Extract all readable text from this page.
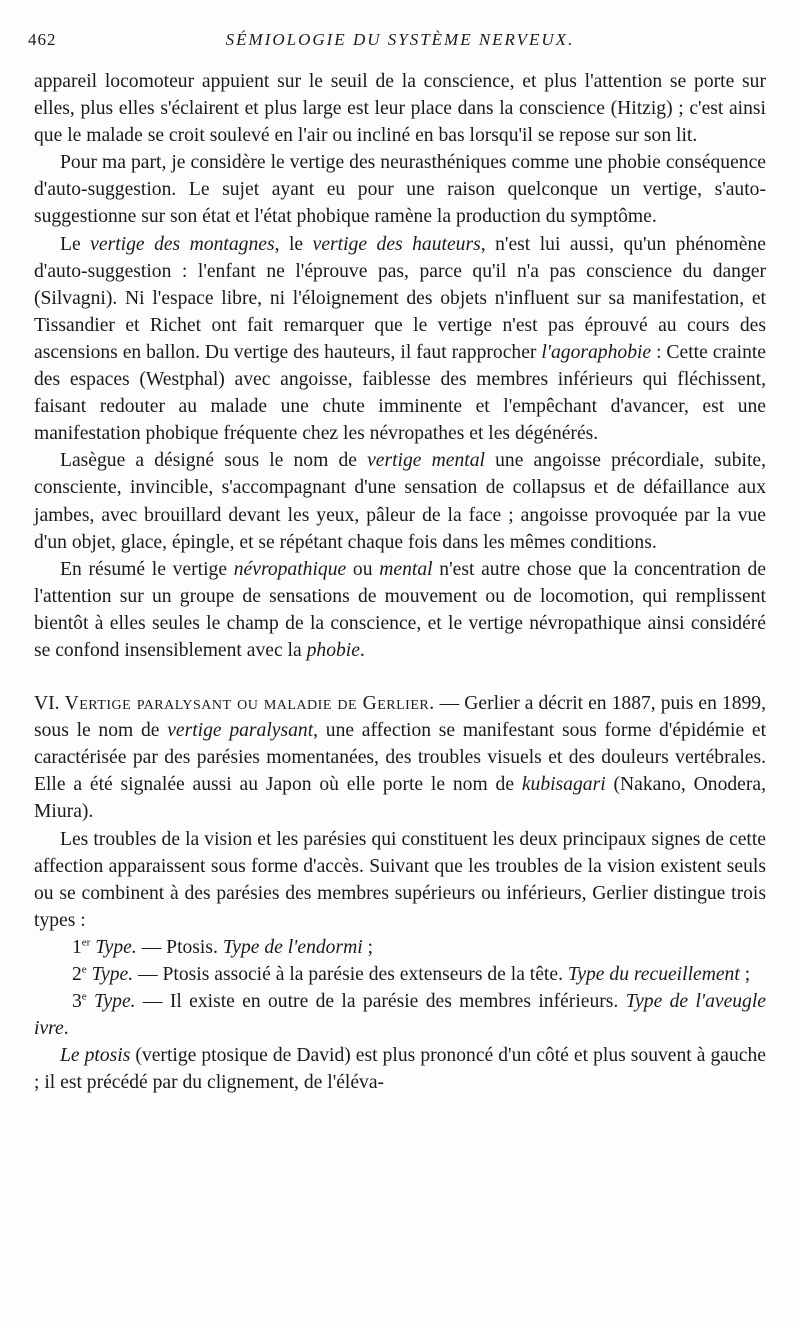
462	SÉMIOLOGIE DU SYSTÈME NERVEUX.

appareil locomoteur appuient sur le seuil de la conscience, et plus l'attention se porte sur elles, plus elles s'éclairent et plus large est leur place dans la conscience (Hitzig) ; c'est ainsi que le malade se croit soulevé en l'air ou incliné en bas lorsqu'il se repose sur son lit.

Pour ma part, je considère le vertige des neurasthéniques comme une phobie conséquence d'auto-suggestion. Le sujet ayant eu pour une raison quelconque un vertige, s'auto-suggestionne sur son état et l'état phobique ramène la production du symptôme.

Le vertige des montagnes, le vertige des hauteurs, n'est lui aussi, qu'un phénomène d'auto-suggestion : l'enfant ne l'éprouve pas, parce qu'il n'a pas conscience du danger (Silvagni). Ni l'espace libre, ni l'éloignement des objets n'influent sur sa manifestation, et Tissandier et Richet ont fait remarquer que le vertige n'est pas éprouvé au cours des ascensions en ballon. Du vertige des hauteurs, il faut rapprocher l'agoraphobie : Cette crainte des espaces (Westphal) avec angoisse, faiblesse des membres inférieurs qui fléchissent, faisant redouter au malade une chute imminente et l'empêchant d'avancer, est une manifestation phobique fréquente chez les névropathes et les dégénérés.

Lasègue a désigné sous le nom de vertige mental une angoisse précordiale, subite, consciente, invincible, s'accompagnant d'une sensation de collapsus et de défaillance aux jambes, avec brouillard devant les yeux, pâleur de la face ; angoisse provoquée par la vue d'un objet, glace, épingle, et se répétant chaque fois dans les mêmes conditions.

En résumé le vertige névropathique ou mental n'est autre chose que la concentration de l'attention sur un groupe de sensations de mouvement ou de locomotion, qui remplissent bientôt à elles seules le champ de la conscience, et le vertige névropathique ainsi considéré se confond insensiblement avec la phobie.

VI. Vertige paralysant ou maladie de Gerlier. — Gerlier a décrit en 1887, puis en 1899, sous le nom de vertige paralysant, une affection se manifestant sous forme d'épidémie et caractérisée par des parésies momentanées, des troubles visuels et des douleurs vertébrales. Elle a été signalée aussi au Japon où elle porte le nom de kubisagari (Nakano, Onodera, Miura).

Les troubles de la vision et les parésies qui constituent les deux principaux signes de cette affection apparaissent sous forme d'accès. Suivant que les troubles de la vision existent seuls ou se combinent à des parésies des membres supérieurs ou inférieurs, Gerlier distingue trois types :

1er Type. — Ptosis. Type de l'endormi ;

2e Type. — Ptosis associé à la parésie des extenseurs de la tête. Type du recueillement ;

3e Type. — Il existe en outre de la parésie des membres inférieurs. Type de l'aveugle ivre.

Le ptosis (vertige ptosique de David) est plus prononcé d'un côté et plus souvent à gauche ; il est précédé par du clignement, de l'éléva-
